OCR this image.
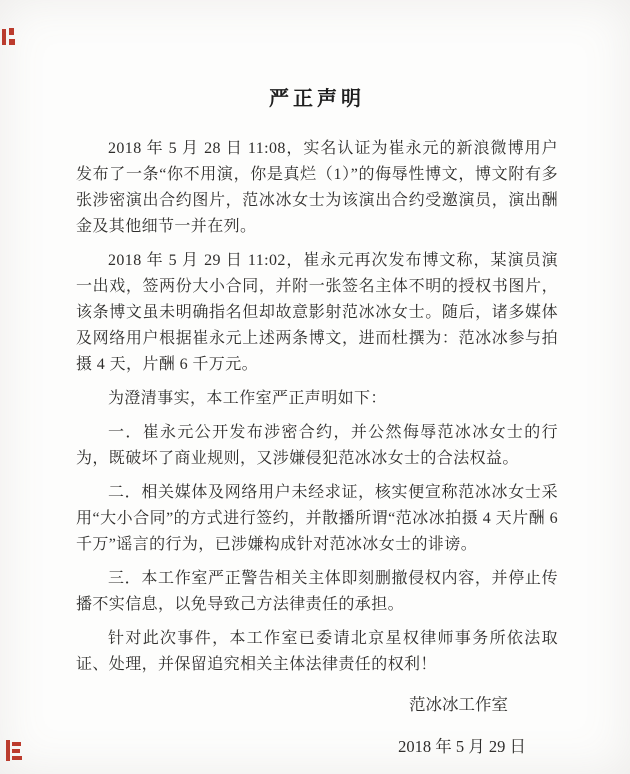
严正声明

2018 年 5 月 28 日 11:08，实名认证为崔永元的新浪微博用户发布了一条“你不用演，你是真烂（1）”的侮辱性博文，博文附有多张涉密演出合约图片，范冰冰女士为该演出合约受邀演员，演出酬金及其他细节一并在列。

2018 年 5 月 29 日 11:02，崔永元再次发布博文称，某演员演一出戏，签两份大小合同，并附一张签名主体不明的授权书图片，该条博文虽未明确指名但却故意影射范冰冰女士。随后，诸多媒体及网络用户根据崔永元上述两条博文，进而杜撰为：范冰冰参与拍摄 4 天，片酬 6 千万元。

为澄清事实，本工作室严正声明如下：

一．崔永元公开发布涉密合约，并公然侮辱范冰冰女士的行为，既破坏了商业规则，又涉嫌侵犯范冰冰女士的合法权益。

二．相关媒体及网络用户未经求证，核实便宣称范冰冰女士采用“大小合同”的方式进行签约，并散播所谓“范冰冰拍摄 4 天片酬 6 千万”谣言的行为，已涉嫌构成针对范冰冰女士的诽谤。

三．本工作室严正警告相关主体即刻删撤侵权内容，并停止传播不实信息，以免导致己方法律责任的承担。

针对此次事件，本工作室已委请北京星权律师事务所依法取证、处理，并保留追究相关主体法律责任的权利！

范冰冰工作室
2018 年 5 月 29 日
